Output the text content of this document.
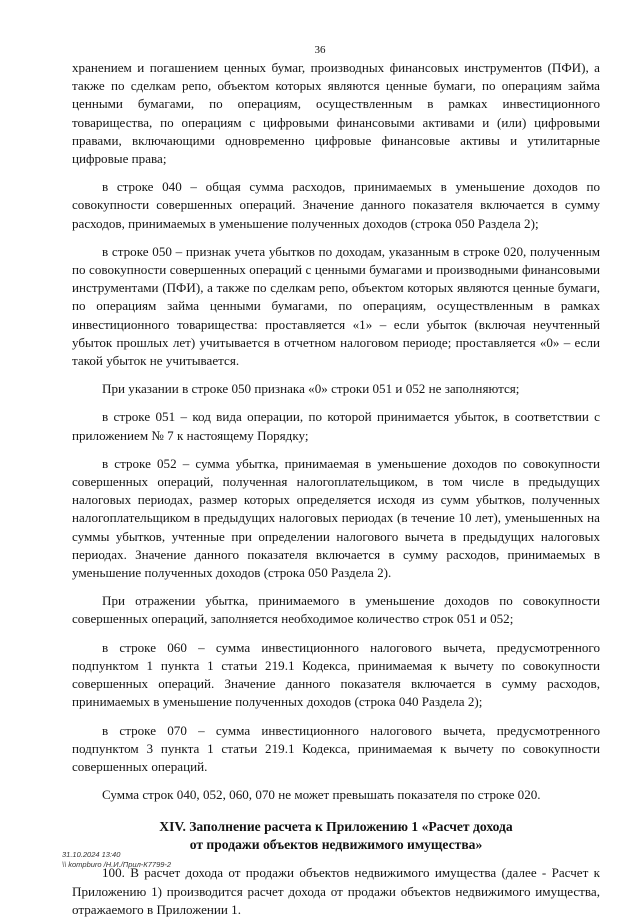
36

хранением и погашением ценных бумаг, производных финансовых инструментов (ПФИ), а также по сделкам репо, объектом которых являются ценные бумаги, по операциям займа ценными бумагами, по операциям, осуществленным в рамках инвестиционного товарищества, по операциям с цифровыми финансовыми активами и (или) цифровыми правами, включающими одновременно цифровые финансовые активы и утилитарные цифровые права;

в строке 040 – общая сумма расходов, принимаемых в уменьшение доходов по совокупности совершенных операций. Значение данного показателя включается в сумму расходов, принимаемых в уменьшение полученных доходов (строка 050 Раздела 2);

в строке 050 – признак учета убытков по доходам, указанным в строке 020, полученным по совокупности совершенных операций с ценными бумагами и производными финансовыми инструментами (ПФИ), а также по сделкам репо, объектом которых являются ценные бумаги, по операциям займа ценными бумагами, по операциям, осуществленным в рамках инвестиционного товарищества: проставляется «1» – если убыток (включая неучтенный убыток прошлых лет) учитывается в отчетном налоговом периоде; проставляется «0» – если такой убыток не учитывается.

При указании в строке 050 признака «0» строки 051 и 052 не заполняются;

в строке 051 – код вида операции, по которой принимается убыток, в соответствии с приложением № 7 к настоящему Порядку;

в строке 052 – сумма убытка, принимаемая в уменьшение доходов по совокупности совершенных операций, полученная налогоплательщиком, в том числе в предыдущих налоговых периодах, размер которых определяется исходя из сумм убытков, полученных налогоплательщиком в предыдущих налоговых периодах (в течение 10 лет), уменьшенных на суммы убытков, учтенные при определении налогового вычета в предыдущих налоговых периодах. Значение данного показателя включается в сумму расходов, принимаемых в уменьшение полученных доходов (строка 050 Раздела 2).

При отражении убытка, принимаемого в уменьшение доходов по совокупности совершенных операций, заполняется необходимое количество строк 051 и 052;

в строке 060 – сумма инвестиционного налогового вычета, предусмотренного подпунктом 1 пункта 1 статьи 219.1 Кодекса, принимаемая к вычету по совокупности совершенных операций. Значение данного показателя включается в сумму расходов, принимаемых в уменьшение полученных доходов (строка 040 Раздела 2);

в строке 070 – сумма инвестиционного налогового вычета, предусмотренного подпунктом 3 пункта 1 статьи 219.1 Кодекса, принимаемая к вычету по совокупности совершенных операций.

Сумма строк 040, 052, 060, 070 не может превышать показателя по строке 020.

XIV. Заполнение расчета к Приложению 1 «Расчет дохода
от продажи объектов недвижимого имущества»

100. В расчет дохода от продажи объектов недвижимого имущества (далее - Расчет к Приложению 1) производится расчет дохода от продажи объектов недвижимого имущества, отражаемого в Приложении 1.

31.10.2024 13:40
\\ kompburo /Н.И./Прил-К7799-2
